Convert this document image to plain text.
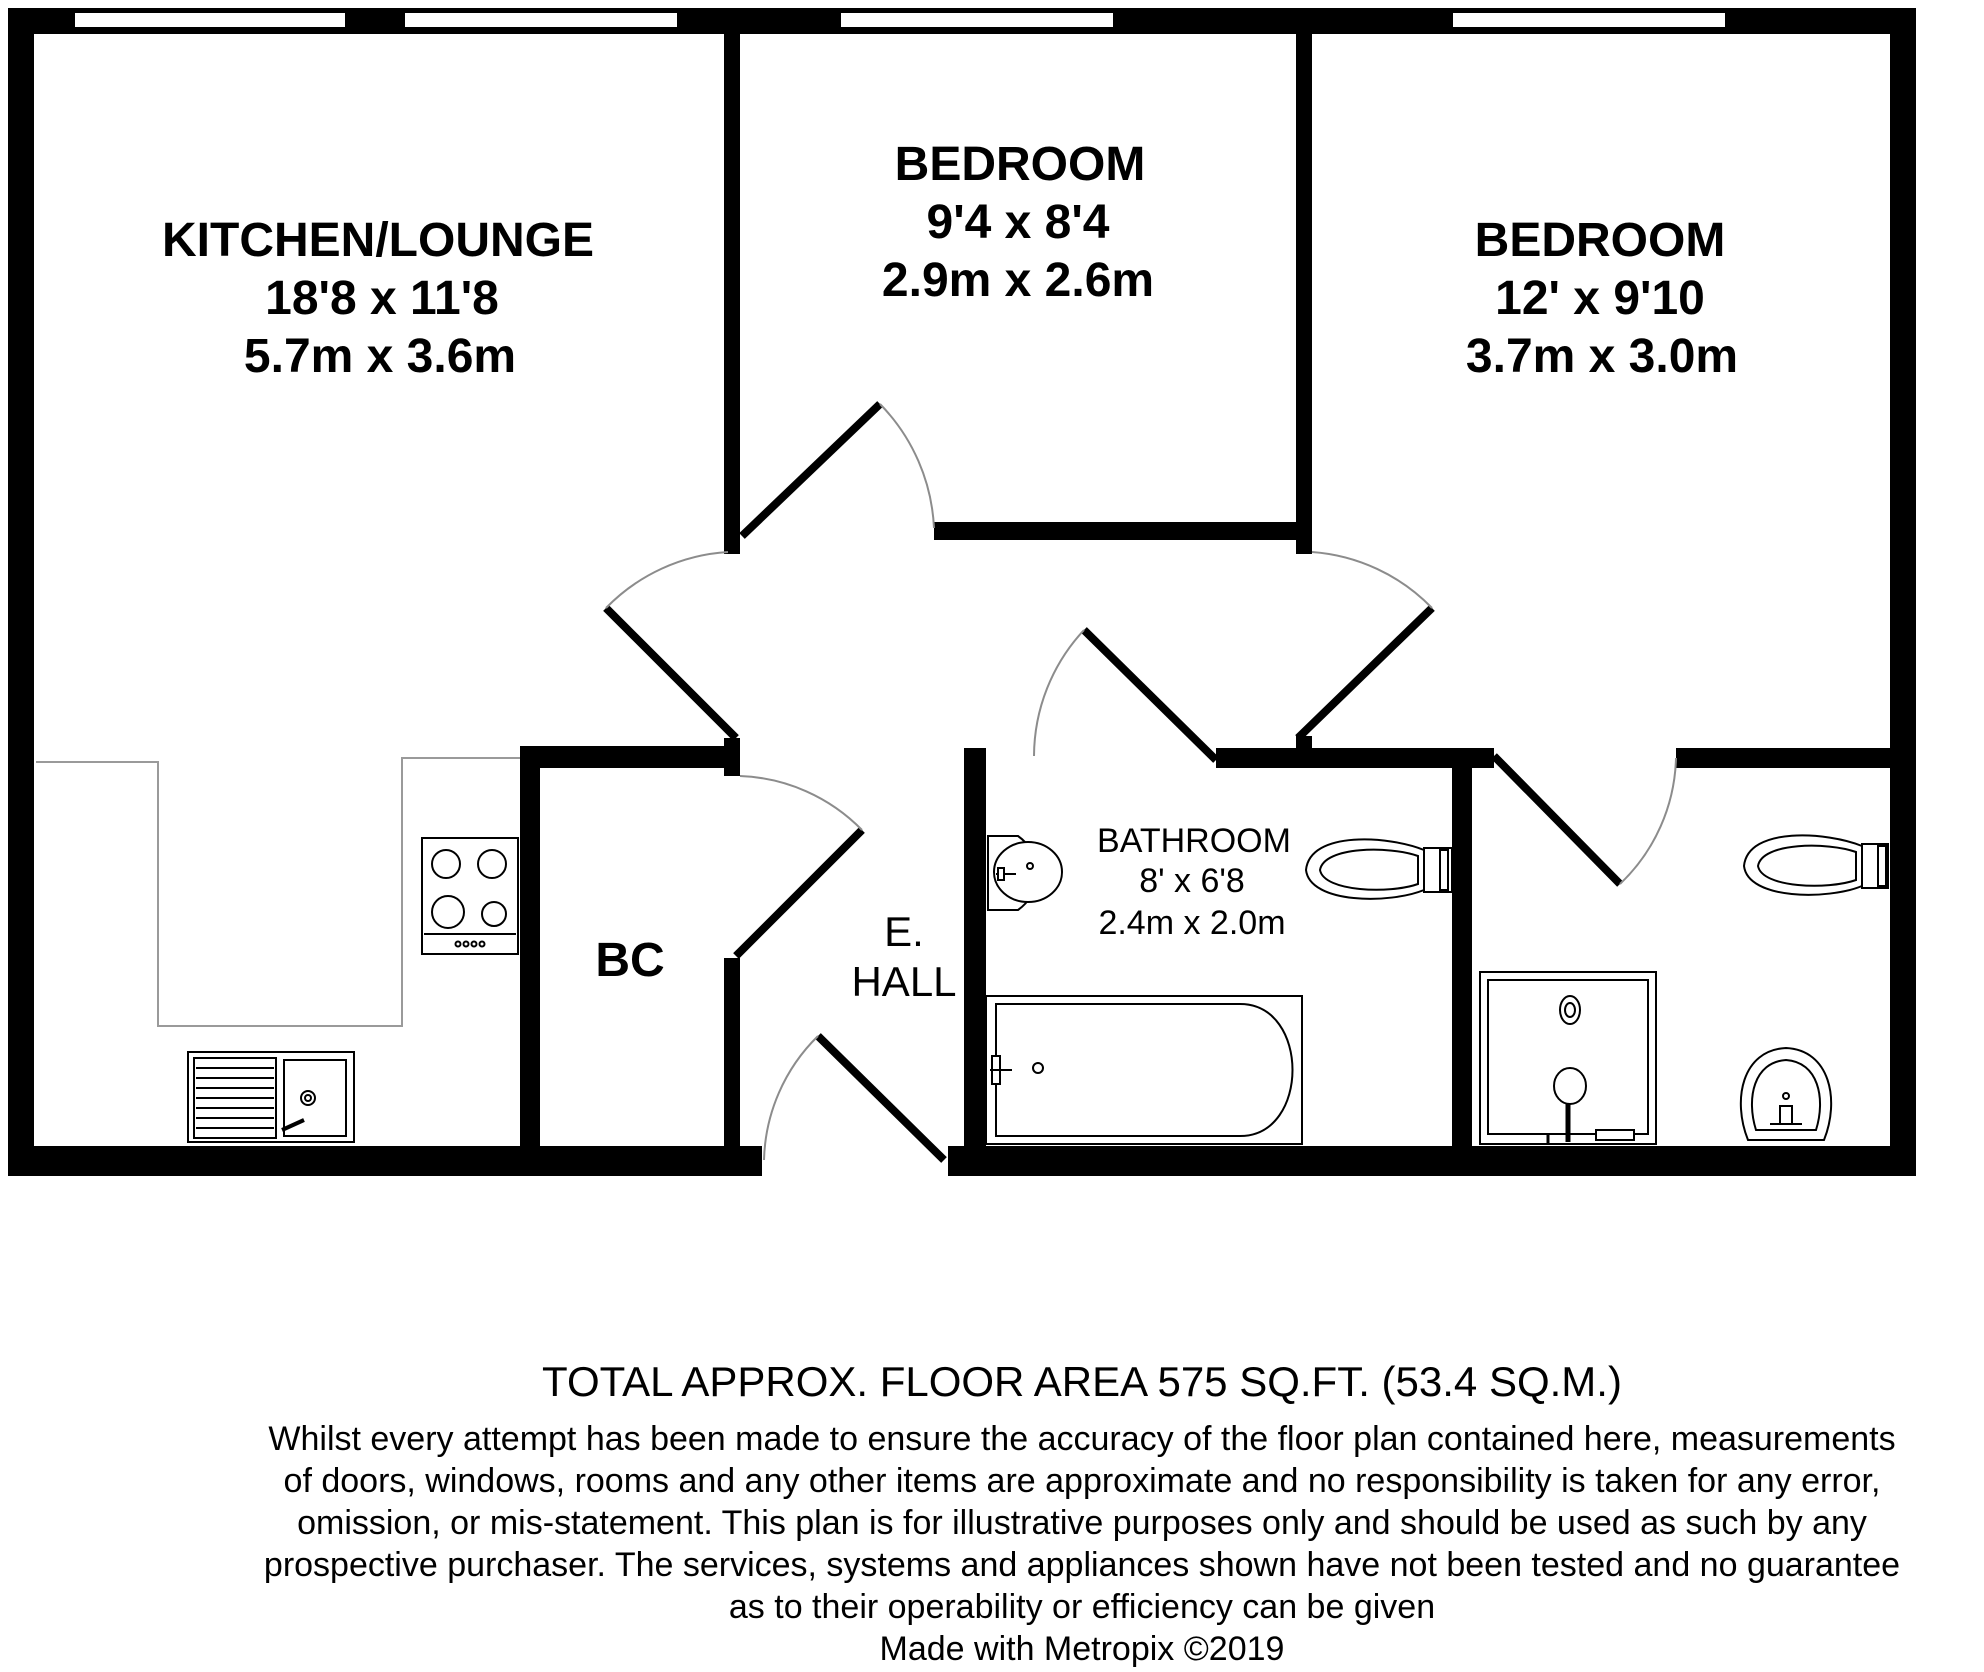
KITCHEN/LOUNGE
18'8 x 11'8
5.7m x 3.6m
BEDROOM
9'4 x 8'4
2.9m x 2.6m
BEDROOM
12' x 9'10
3.7m x 3.0m
BATHROOM
8' x 6'8
2.4m x 2.0m
BC
E.
HALL
TOTAL APPROX. FLOOR AREA 575 SQ.FT. (53.4 SQ.M.)
Whilst every attempt has been made to ensure the accuracy of the floor plan contained here, measurements
of doors, windows, rooms and any other items are approximate and no responsibility is taken for any error,
omission, or mis-statement. This plan is for illustrative purposes only and should be used as such by any
prospective purchaser. The services, systems and appliances shown have not been tested and no guarantee
as to their operability or efficiency can be given
Made with Metropix ©2019
